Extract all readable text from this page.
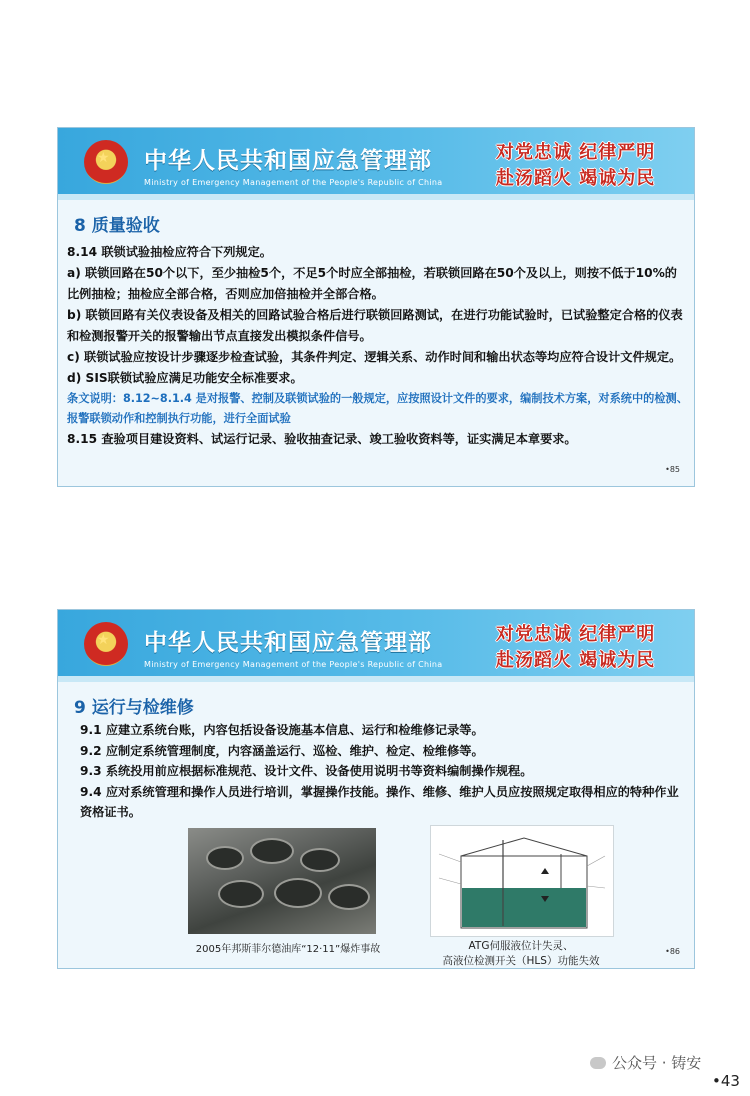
★ 中华人民共和国应急管理部
Ministry of Emergency Management of the People's Republic of China
对党忠诚 纪律严明
赴汤蹈火 竭诚为民
8 质量验收

8.14 联锁试验抽检应符合下列规定。

a) 联锁回路在50个以下，至少抽检5个，不足5个时应全部抽检，若联锁回路在50个及以上，则按不低于10%的比例抽检；抽检应全部合格，否则应加倍抽检并全部合格。

b) 联锁回路有关仪表设备及相关的回路试验合格后进行联锁回路测试，在进行功能试验时，已试验整定合格的仪表和检测报警开关的报警输出节点直接发出模拟条件信号。

c) 联锁试验应按设计步骤逐步检查试验，其条件判定、逻辑关系、动作时间和输出状态等均应符合设计文件规定。

d) SIS联锁试验应满足功能安全标准要求。

条文说明：8.12~8.1.4 是对报警、控制及联锁试验的一般规定，应按照设计文件的要求，编制技术方案，对系统中的检测、报警联锁动作和控制执行功能，进行全面试验

8.15 查验项目建设资料、试运行记录、验收抽查记录、竣工验收资料等，证实满足本章要求。

•85
★ 中华人民共和国应急管理部
Ministry of Emergency Management of the People's Republic of China
对党忠诚 纪律严明
赴汤蹈火 竭诚为民
9 运行与检维修

9.1 应建立系统台账，内容包括设备设施基本信息、运行和检维修记录等。

9.2 应制定系统管理制度，内容涵盖运行、巡检、维护、检定、检维修等。

9.3 系统投用前应根据标准规范、设计文件、设备使用说明书等资料编制操作规程。

9.4 应对系统管理和操作人员进行培训，掌握操作技能。操作、维修、维护人员应按照规定取得相应的特种作业资格证书。

2005年邦斯菲尔德油库“12·11”爆炸事故	ATG伺服液位计失灵、
高液位检测开关（HLS）功能失效
•86
公众号 · 铸安
•43
